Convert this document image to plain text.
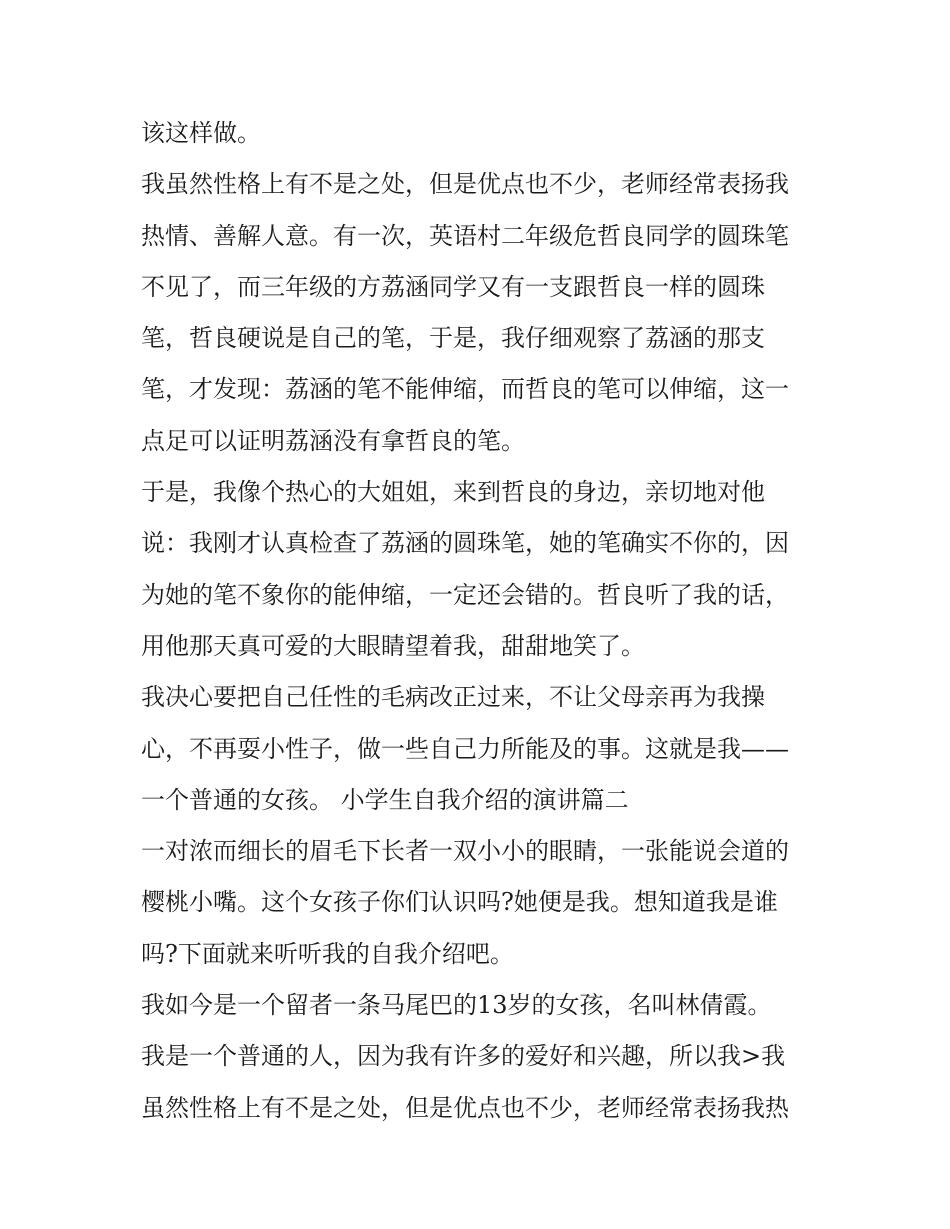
该这样做。
我虽然性格上有不是之处，但是优点也不少，老师经常表扬我
热情、善解人意。有一次，英语村二年级危哲良同学的圆珠笔
不见了，而三年级的方荔涵同学又有一支跟哲良一样的圆珠
笔，哲良硬说是自己的笔，于是，我仔细观察了荔涵的那支
笔，才发现：荔涵的笔不能伸缩，而哲良的笔可以伸缩，这一
点足可以证明荔涵没有拿哲良的笔。
于是，我像个热心的大姐姐，来到哲良的身边，亲切地对他
说：我刚才认真检查了荔涵的圆珠笔，她的笔确实不你的，因
为她的笔不象你的能伸缩，一定还会错的。哲良听了我的话，
用他那天真可爱的大眼睛望着我，甜甜地笑了。
我决心要把自己任性的毛病改正过来，不让父母亲再为我操
心，不再耍小性子，做一些自己力所能及的事。这就是我——
一个普通的女孩。 小学生自我介绍的演讲篇二
一对浓而细长的眉毛下长者一双小小的眼睛，一张能说会道的
樱桃小嘴。这个女孩子你们认识吗?她便是我。想知道我是谁
吗?下面就来听听我的自我介绍吧。
我如今是一个留者一条马尾巴的13岁的女孩，名叫林倩霞。
我是一个普通的人，因为我有许多的爱好和兴趣，所以我>我
虽然性格上有不是之处，但是优点也不少，老师经常表扬我热
